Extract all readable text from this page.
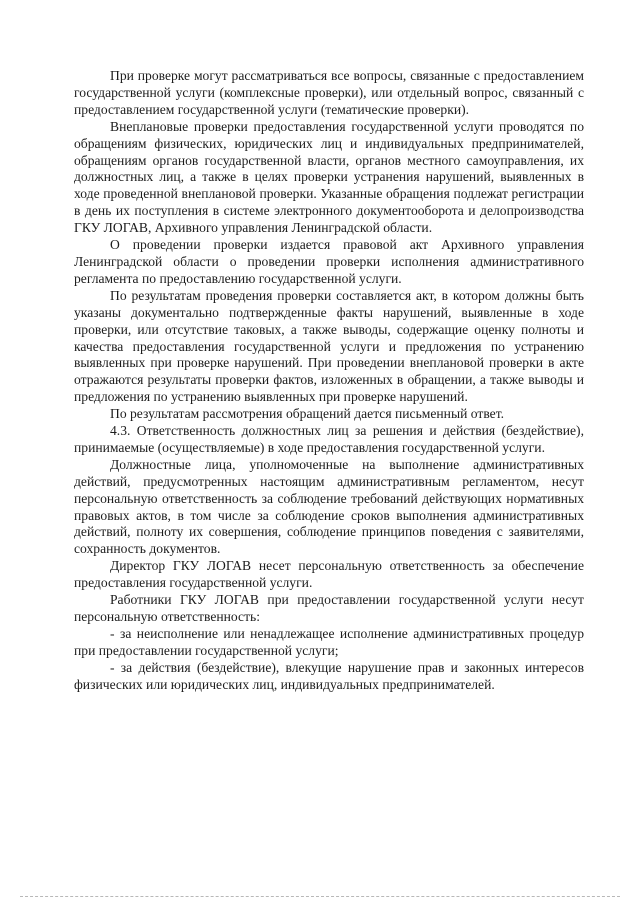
При проверке могут рассматриваться все вопросы, связанные с предоставлением государственной услуги (комплексные проверки), или отдельный вопрос, связанный с предоставлением государственной услуги (тематические проверки).

Внеплановые проверки предоставления государственной услуги проводятся по обращениям физических, юридических лиц и индивидуальных предпринимателей, обращениям органов государственной власти, органов местного самоуправления, их должностных лиц, а также в целях проверки устранения нарушений, выявленных в ходе проведенной внеплановой проверки. Указанные обращения подлежат регистрации в день их поступления в системе электронного документооборота и делопроизводства ГКУ ЛОГАВ, Архивного управления Ленинградской области.

О проведении проверки издается правовой акт Архивного управления Ленинградской области о проведении проверки исполнения административного регламента по предоставлению государственной услуги.

По результатам проведения проверки составляется акт, в котором должны быть указаны документально подтвержденные факты нарушений, выявленные в ходе проверки, или отсутствие таковых, а также выводы, содержащие оценку полноты и качества предоставления государственной услуги и предложения по устранению выявленных при проверке нарушений. При проведении внеплановой проверки в акте отражаются результаты проверки фактов, изложенных в обращении, а также выводы и предложения по устранению выявленных при проверке нарушений.

По результатам рассмотрения обращений дается письменный ответ.

4.3. Ответственность должностных лиц за решения и действия (бездействие), принимаемые (осуществляемые) в ходе предоставления государственной услуги.

Должностные лица, уполномоченные на выполнение административных действий, предусмотренных настоящим административным регламентом, несут персональную ответственность за соблюдение требований действующих нормативных правовых актов, в том числе за соблюдение сроков выполнения административных действий, полноту их совершения, соблюдение принципов поведения с заявителями, сохранность документов.

Директор ГКУ ЛОГАВ несет персональную ответственность за обеспечение предоставления государственной услуги.

Работники ГКУ ЛОГАВ при предоставлении государственной услуги несут персональную ответственность:

- за неисполнение или ненадлежащее исполнение административных процедур при предоставлении государственной услуги;

- за действия (бездействие), влекущие нарушение прав и законных интересов физических или юридических лиц, индивидуальных предпринимателей.
